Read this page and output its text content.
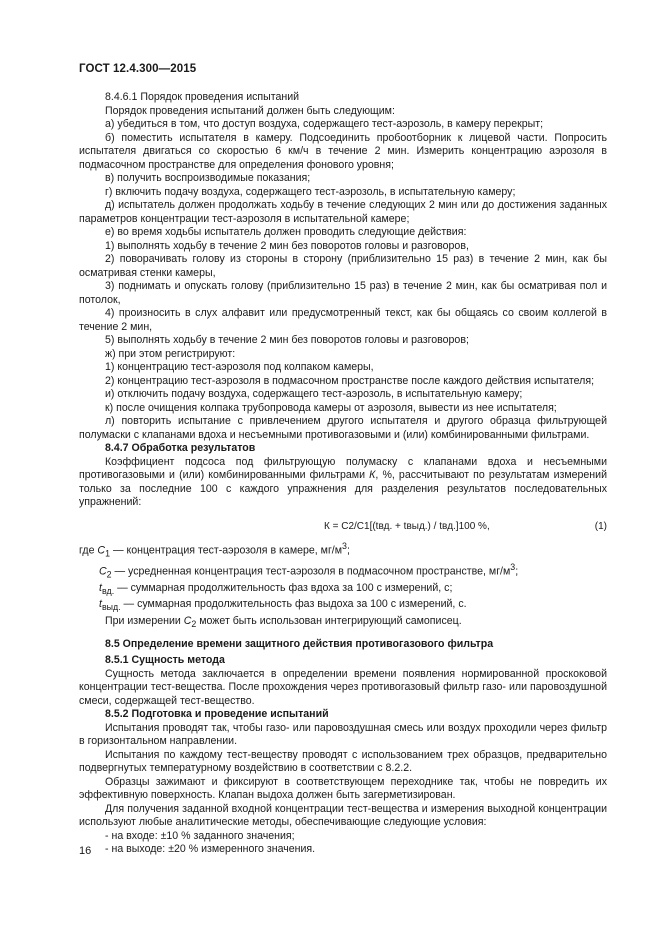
ГОСТ 12.4.300—2015

8.4.6.1 Порядок проведения испытаний

Порядок проведения испытаний должен быть следующим:

а) убедиться в том, что доступ воздуха, содержащего тест-аэрозоль, в камеру перекрыт;

б) поместить испытателя в камеру. Подсоединить пробоотборник к лицевой части. Попросить испытателя двигаться со скоростью 6 км/ч в течение 2 мин. Измерить концентрацию аэрозоля в подмасочном пространстве для определения фонового уровня;

в) получить воспроизводимые показания;

г) включить подачу воздуха, содержащего тест-аэрозоль, в испытательную камеру;

д) испытатель должен продолжать ходьбу в течение следующих 2 мин или до достижения заданных параметров концентрации тест-аэрозоля в испытательной камере;

е) во время ходьбы испытатель должен проводить следующие действия:

1) выполнять ходьбу в течение 2 мин без поворотов головы и разговоров,

2) поворачивать голову из стороны в сторону (приблизительно 15 раз) в течение 2 мин, как бы осматривая стенки камеры,

3) поднимать и опускать голову (приблизительно 15 раз) в течение 2 мин, как бы осматривая пол и потолок,

4) произносить в слух алфавит или предусмотренный текст, как бы общаясь со своим коллегой в течение 2 мин,

5) выполнять ходьбу в течение 2 мин без поворотов головы и разговоров;

ж) при этом регистрируют:

1) концентрацию тест-аэрозоля под колпаком камеры,

2) концентрацию тест-аэрозоля в подмасочном пространстве после каждого действия испытателя;

и) отключить подачу воздуха, содержащего тест-аэрозоль, в испытательную камеру;

к) после очищения колпака трубопровода камеры от аэрозоля, вывести из нее испытателя;

л) повторить испытание с привлечением другого испытателя и другого образца фильтрующей полумаски с клапанами вдоха и несъемными противогазовыми и (или) комбинированными фильтрами.

8.4.7 Обработка результатов

Коэффициент подсоса под фильтрующую полумаску с клапанами вдоха и несъемными противогазовыми и (или) комбинированными фильтрами К, %, рассчитывают по результатам измерений только за последние 100 с каждого упражнения для разделения результатов последовательных упражнений:

К = С2/С1[(tвд. + tвыд.) / tвд.]100 %,	(1)

где $С_1$ — концентрация тест-аэрозоля в камере, $мг/м^3$;

$С_2$ — усредненная концентрация тест-аэрозоля в подмасочном пространстве, $мг/м^3$;

$t_{вд.}$ — суммарная продолжительность фаз вдоха за 100 с измерений, с;

$t_{выд.}$ — суммарная продолжительность фаз выдоха за 100 с измерений, с.

При измерении $С_2$ может быть использован интегрирующий самописец.

8.5 Определение времени защитного действия противогазового фильтра

8.5.1 Сущность метода

Сущность метода заключается в определении времени появления нормированной проскоковой концентрации тест-вещества. После прохождения через противогазовый фильтр газо- или паровоздушной смеси, содержащей тест-вещество.

8.5.2 Подготовка и проведение испытаний

Испытания проводят так, чтобы газо- или паровоздушная смесь или воздух проходили через фильтр в горизонтальном направлении.

Испытания по каждому тест-веществу проводят с использованием трех образцов, предварительно подвергнутых температурному воздействию в соответствии с 8.2.2.

Образцы зажимают и фиксируют в соответствующем переходнике так, чтобы не повредить их эффективную поверхность. Клапан выдоха должен быть загерметизирован.

Для получения заданной входной концентрации тест-вещества и измерения выходной концентрации используют любые аналитические методы, обеспечивающие следующие условия:

- на входе: ±10 % заданного значения;

- на выходе: ±20 % измеренного значения.

16
